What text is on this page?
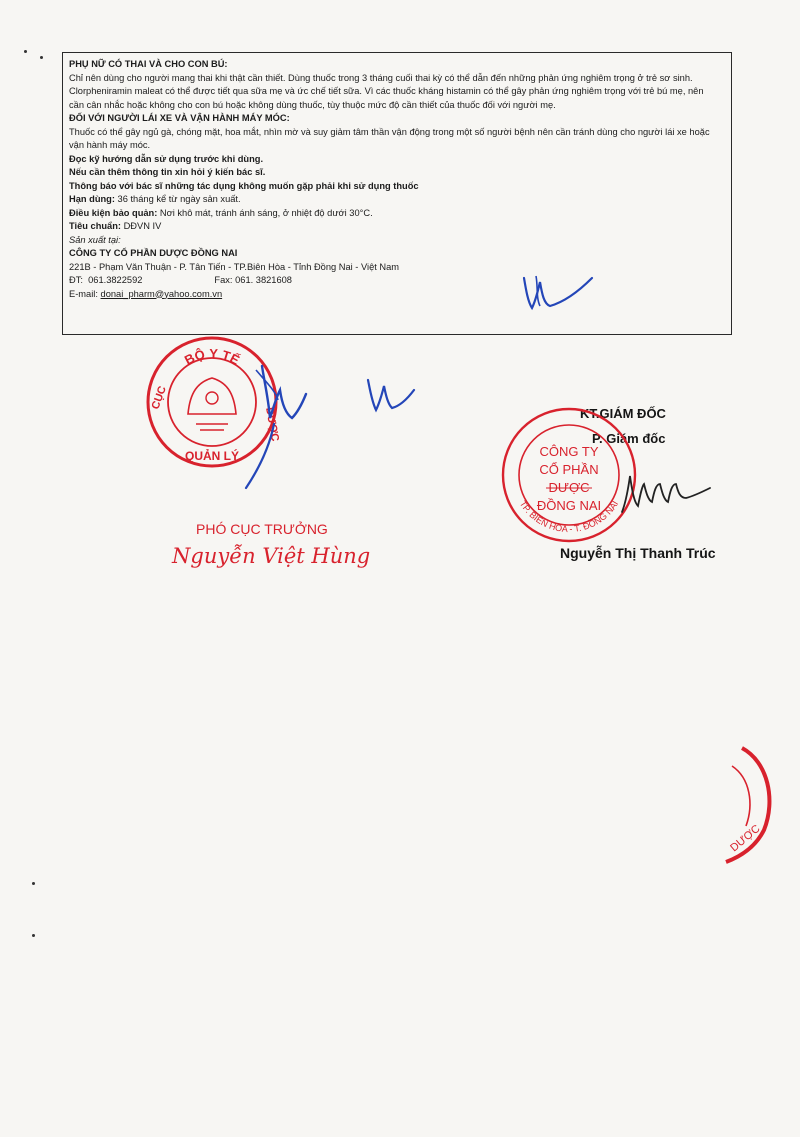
PHỤ NỮ CÓ THAI VÀ CHO CON BÚ:

Chỉ nên dùng cho người mang thai khi thật cần thiết. Dùng thuốc trong 3 tháng cuối thai kỳ có thể dẫn đến những phản ứng nghiêm trọng ở trẻ sơ sinh.

Clorpheniramin maleat có thể được tiết qua sữa mẹ và ức chế tiết sữa. Vì các thuốc kháng histamin có thể gây phản ứng nghiêm trọng với trẻ bú mẹ, nên

cần cân nhắc hoặc không cho con bú hoặc không dùng thuốc, tùy thuộc mức độ cần thiết của thuốc đối với người mẹ.

ĐỐI VỚI NGƯỜI LÁI XE VÀ VẬN HÀNH MÁY MÓC:

Thuốc có thể gây ngủ gà, chóng mặt, hoa mắt, nhìn mờ và suy giảm tâm thần vận động trong một số người bệnh nên cần tránh dùng cho người lái xe hoặc

vận hành máy móc.

Đọc kỹ hướng dẫn sử dụng trước khi dùng.

Nếu cần thêm thông tin xin hỏi ý kiến bác sĩ.

Thông báo với bác sĩ những tác dụng không muốn gặp phải khi sử dụng thuốc

Hạn dùng: 36 tháng kể từ ngày sản xuất.

Điều kiện bảo quản: Nơi khô mát, tránh ánh sáng, ở nhiệt độ dưới 30°C.

Tiêu chuẩn: DĐVN IV

Sản xuất tại:

CÔNG TY CỔ PHẦN DƯỢC ĐỒNG NAI

221B - Phạm Văn Thuận - P. Tân Tiến - TP.Biên Hòa - Tỉnh Đồng Nai - Việt Nam

ĐT: 061.3822592	Fax: 061. 3821608

E-mail: donai_pharm@yahoo.com.vn

BỘ Y TẾ
CỤC
QUẢN LÝ
DƯỢC
PHÓ CỤC TRƯỞNG
Nguyễn Việt Hùng
KT.GIÁM ĐỐC
P. Giám đốc
CÔNG TY
CỔ PHẦN
DƯỢC
ĐỒNG NAI
TP. BIÊN HÒA - T. ĐỒNG NAI
Nguyễn Thị Thanh Trúc
DƯỢC
